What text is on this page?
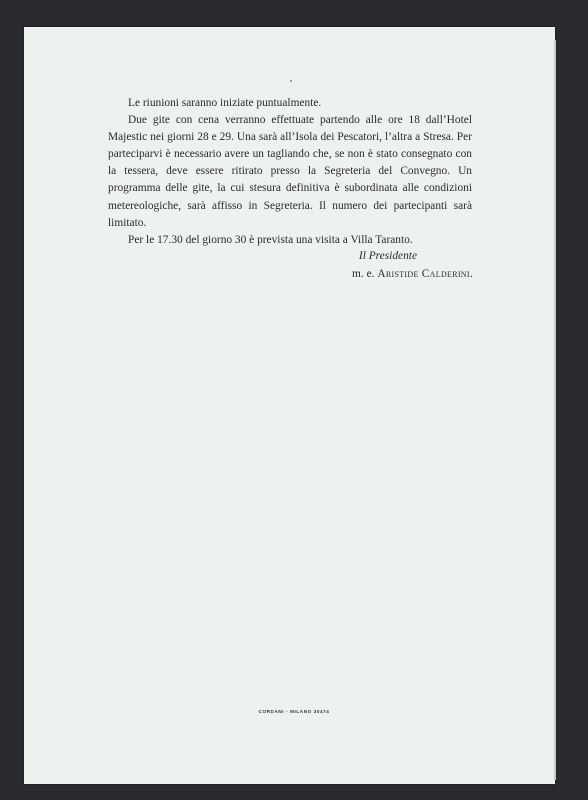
Le riunioni saranno iniziate puntualmente.

Due gite con cena verranno effettuate partendo alle ore 18 dall’Hotel Majestic nei giorni 28 e 29. Una sarà all’Isola dei Pescatori, l’altra a Stresa. Per parteciparvi è necessario avere un tagliando che, se non è stato consegnato con la tessera, deve essere ritirato presso la Segreteria del Convegno. Un programma delle gite, la cui stesura definitiva è subordinata alle condizioni metereologiche, sarà affisso in Segreteria. Il numero dei partecipanti sarà limitato.

Per le 17.30 del giorno 30 è prevista una visita a Villa Taranto.

Il Presidente
m. e. Aristide Calderini.
CORDANI - MILANO 30474
